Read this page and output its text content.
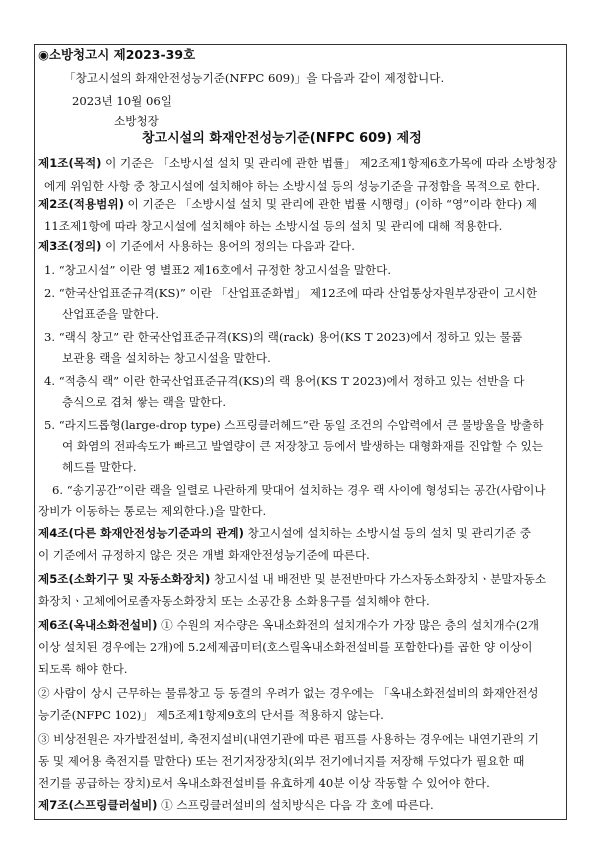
◉소방청고시 제2023-39호
「창고시설의 화재안전성능기준(NFPC 609)」을 다음과 같이 제정합니다.
2023년 10월 06일
소방청장
창고시설의 화재안전성능기준(NFPC 609) 제정
제1조(목적) 이 기준은 「소방시설 설치 및 관리에 관한 법률」 제2조제1항제6호가목에 따라 소방청장
에게 위임한 사항 중 창고시설에 설치해야 하는 소방시설 등의 성능기준을 규정함을 목적으로 한다.
제2조(적용범위) 이 기준은 「소방시설 설치 및 관리에 관한 법률 시행령」(이하 “영”이라 한다) 제
11조제1항에 따라 창고시설에 설치해야 하는 소방시설 등의 설치 및 관리에 대해 적용한다.
제3조(정의) 이 기준에서 사용하는 용어의 정의는 다음과 같다.
1. “창고시설” 이란 영 별표2 제16호에서 규정한 창고시설을 말한다.
2. “한국산업표준규격(KS)” 이란 「산업표준화법」 제12조에 따라 산업통상자원부장관이 고시한
산업표준을 말한다.
3. “랙식 창고” 란 한국산업표준규격(KS)의 랙(rack) 용어(KS T 2023)에서 정하고 있는 물품
보관용 랙을 설치하는 창고시설을 말한다.
4. “적층식 랙” 이란 한국산업표준규격(KS)의 랙 용어(KS T 2023)에서 정하고 있는 선반을 다
층식으로 겹쳐 쌓는 랙을 말한다.
5. “라지드롭형(large-drop type) 스프링클러헤드”란 동일 조건의 수압력에서 큰 물방울을 방출하
여 화염의 전파속도가 빠르고 발열량이 큰 저장창고 등에서 발생하는 대형화재를 진압할 수 있는
헤드를 말한다.
6. “송기공간”이란 랙을 일렬로 나란하게 맞대어 설치하는 경우 랙 사이에 형성되는 공간(사람이나
장비가 이동하는 통로는 제외한다.)을 말한다.
제4조(다른 화재안전성능기준과의 관계) 창고시설에 설치하는 소방시설 등의 설치 및 관리기준 중
이 기준에서 규정하지 않은 것은 개별 화재안전성능기준에 따른다.
제5조(소화기구 및 자동소화장치) 창고시설 내 배전반 및 분전반마다 가스자동소화장치ㆍ분말자동소
화장치ㆍ고체에어로졸자동소화장치 또는 소공간용 소화용구를 설치해야 한다.
제6조(옥내소화전설비) ① 수원의 저수량은 옥내소화전의 설치개수가 가장 많은 층의 설치개수(2개
이상 설치된 경우에는 2개)에 5.2세제곱미터(호스릴옥내소화전설비를 포함한다)를 곱한 양 이상이
되도록 해야 한다.
② 사람이 상시 근무하는 물류창고 등 동결의 우려가 없는 경우에는 「옥내소화전설비의 화재안전성
능기준(NFPC 102)」 제5조제1항제9호의 단서를 적용하지 않는다.
③ 비상전원은 자가발전설비, 축전지설비(내연기관에 따른 펌프를 사용하는 경우에는 내연기관의 기
동 및 제어용 축전지를 말한다) 또는 전기저장장치(외부 전기에너지를 저장해 두었다가 필요한 때
전기를 공급하는 장치)로서 옥내소화전설비를 유효하게 40분 이상 작동할 수 있어야 한다.
제7조(스프링클러설비) ① 스프링클러설비의 설치방식은 다음 각 호에 따른다.
